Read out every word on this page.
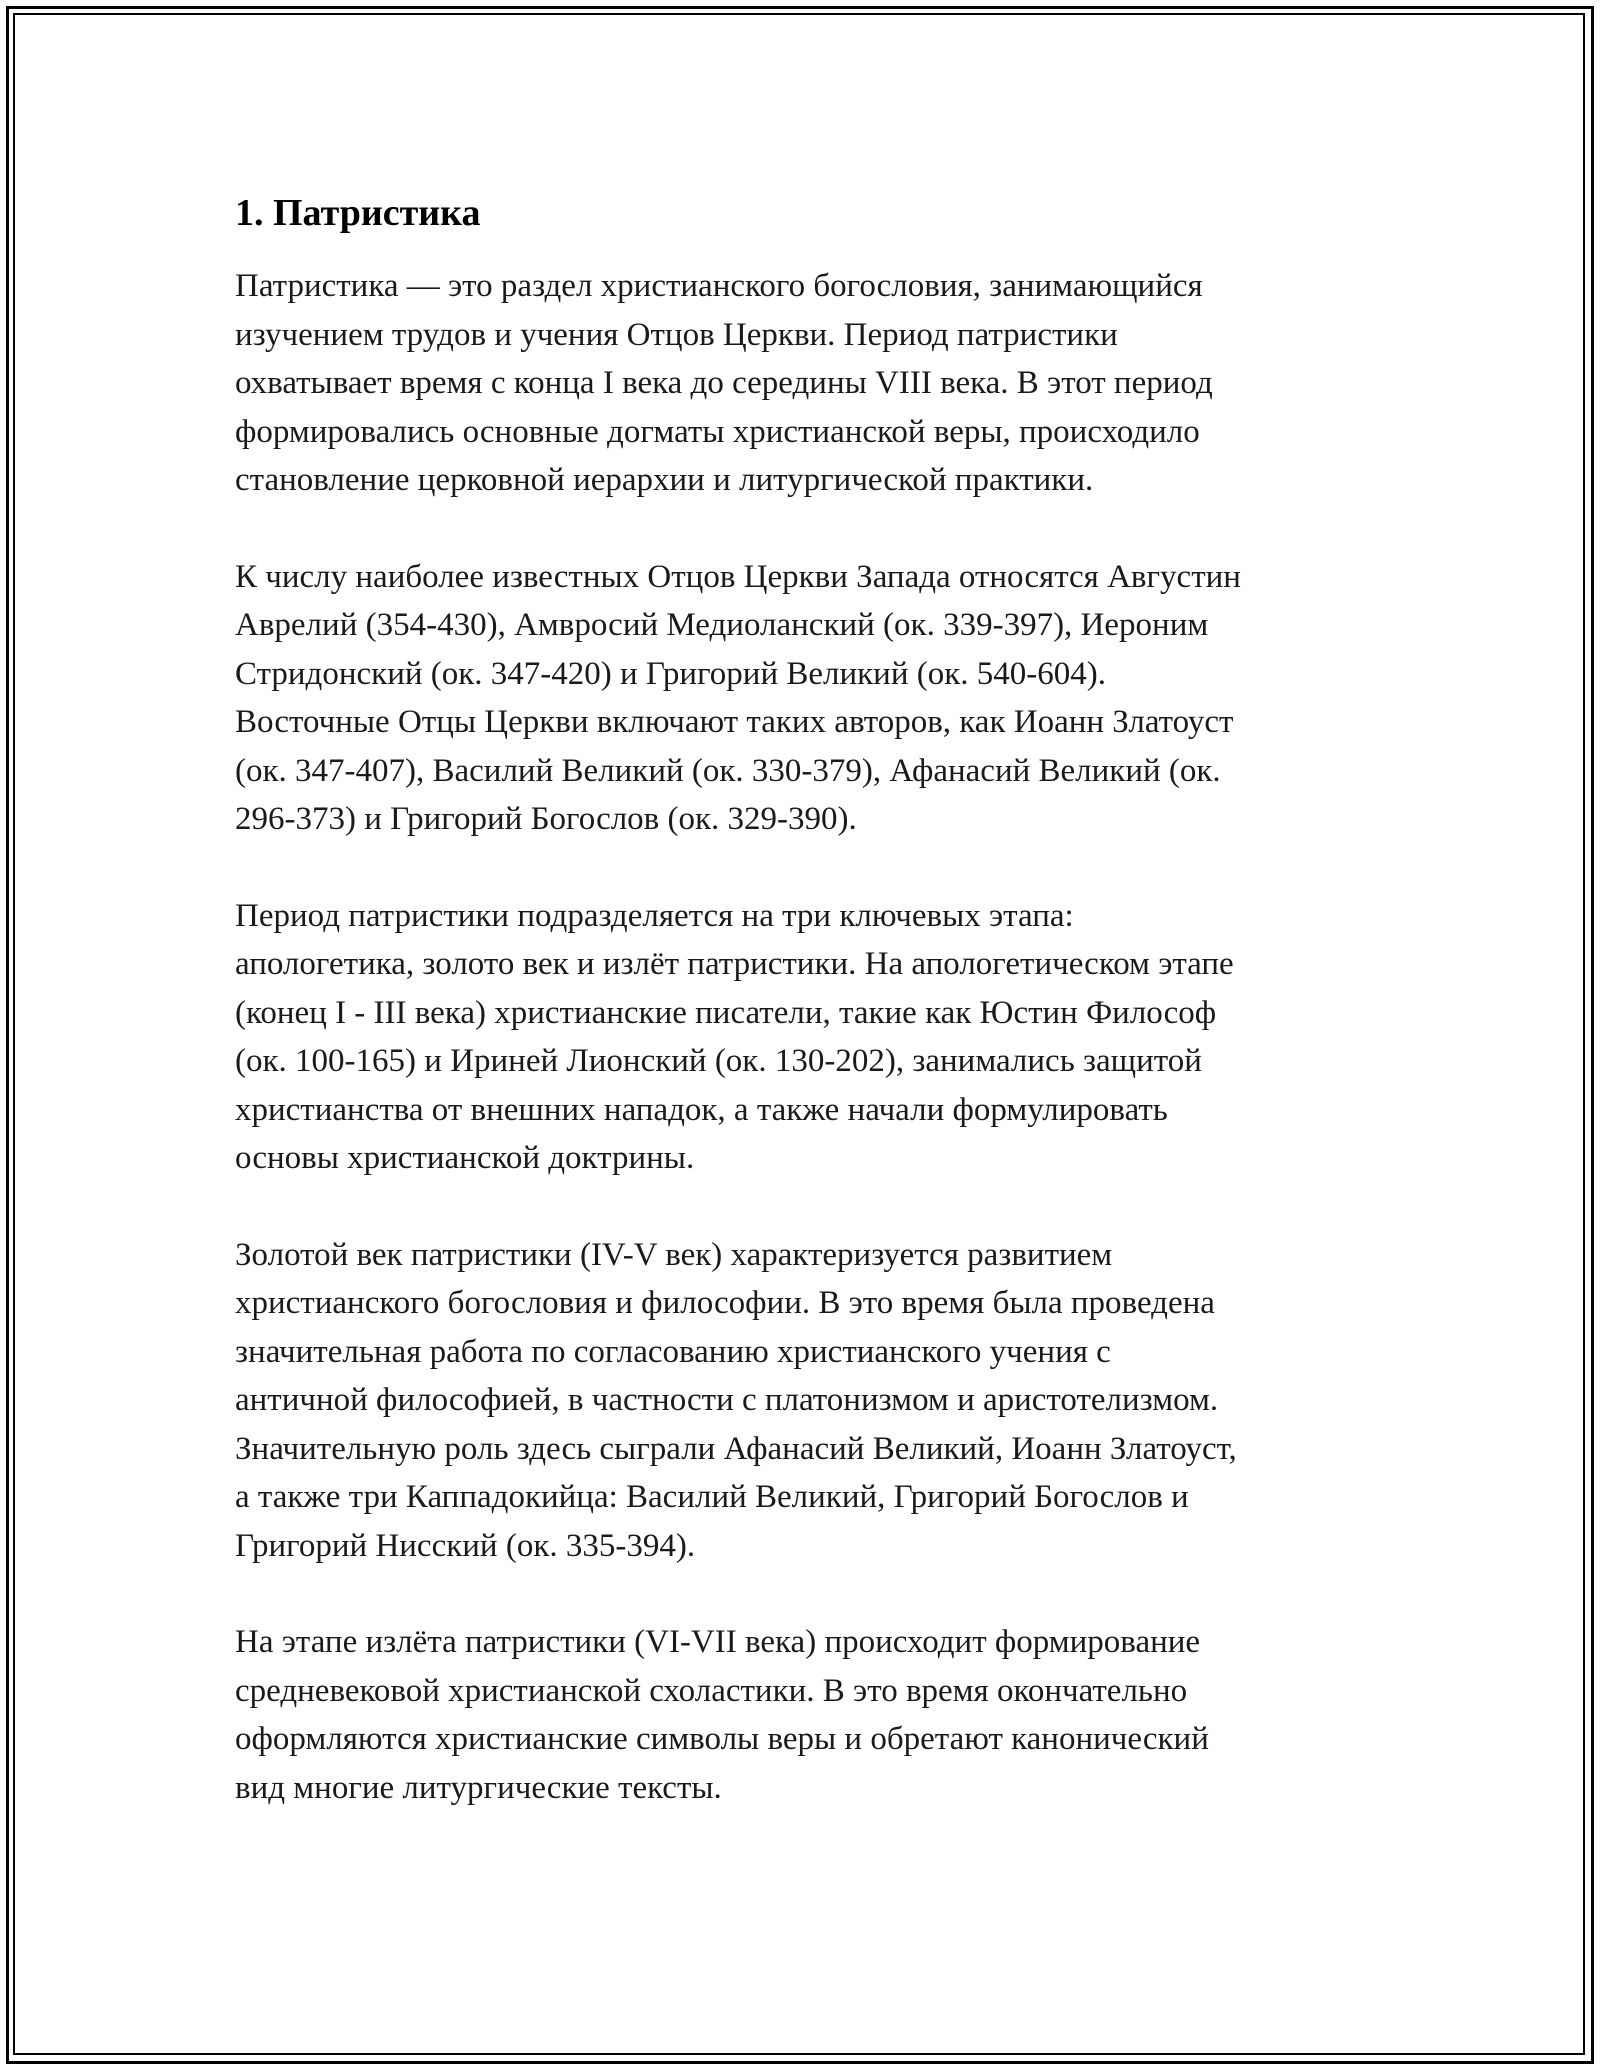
1. Патристика

Патристика — это раздел христианского богословия, занимающийся
изучением трудов и учения Отцов Церкви. Период патристики
охватывает время с конца I века до середины VIII века. В этот период
формировались основные догматы христианской веры, происходило
становление церковной иерархии и литургической практики.

К числу наиболее известных Отцов Церкви Запада относятся Августин
Аврелий (354-430), Амвросий Медиоланский (ок. 339-397), Иероним
Стридонский (ок. 347-420) и Григорий Великий (ок. 540-604).
Восточные Отцы Церкви включают таких авторов, как Иоанн Златоуст
(ок. 347-407), Василий Великий (ок. 330-379), Афанасий Великий (ок.
296-373) и Григорий Богослов (ок. 329-390).

Период патристики подразделяется на три ключевых этапа:
апологетика, золото век и излёт патристики. На апологетическом этапе
(конец I - III века) христианские писатели, такие как Юстин Философ
(ок. 100-165) и Ириней Лионский (ок. 130-202), занимались защитой
христианства от внешних нападок, а также начали формулировать
основы христианской доктрины.

Золотой век патристики (IV-V век) характеризуется развитием
христианского богословия и философии. В это время была проведена
значительная работа по согласованию христианского учения с
античной философией, в частности с платонизмом и аристотелизмом.
Значительную роль здесь сыграли Афанасий Великий, Иоанн Златоуст,
а также три Каппадокийца: Василий Великий, Григорий Богослов и
Григорий Нисский (ок. 335-394).

На этапе излёта патристики (VI-VII века) происходит формирование
средневековой христианской схоластики. В это время окончательно
оформляются христианские символы веры и обретают канонический
вид многие литургические тексты.
